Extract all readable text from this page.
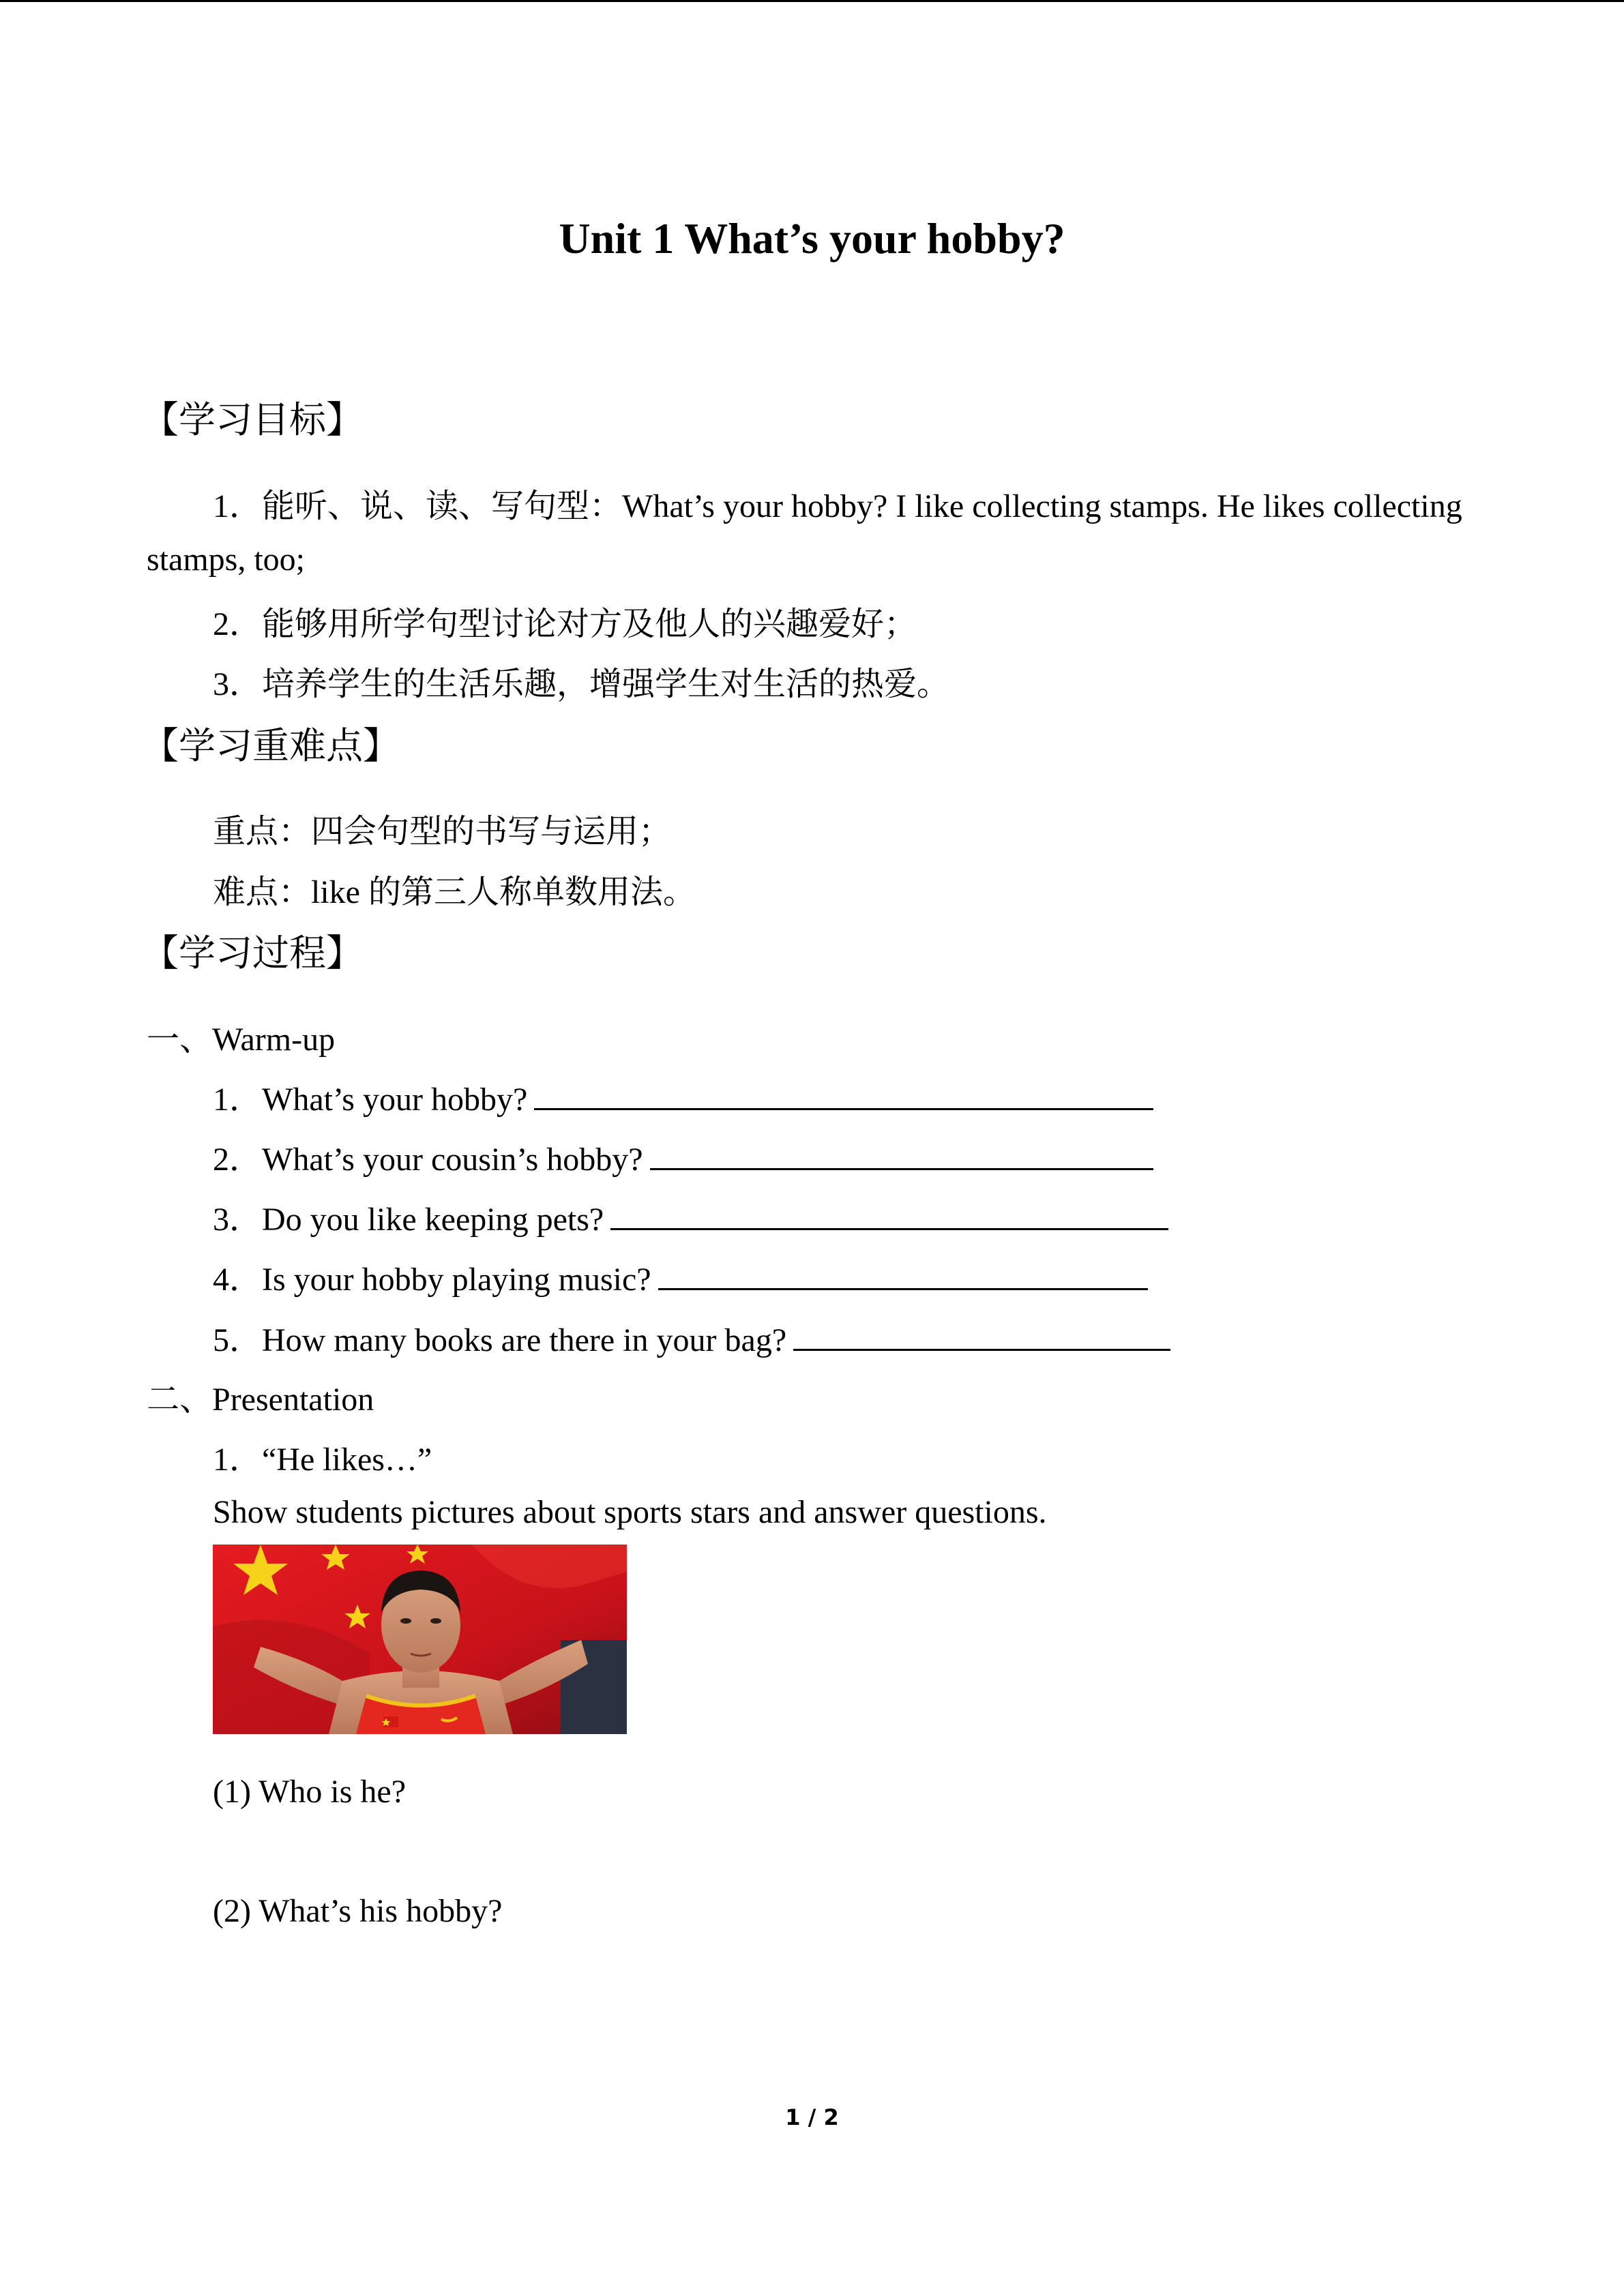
Unit 1 What’s your hobby?
【学习目标】
1．能听、说、读、写句型：What’s your hobby? I like collecting stamps. He likes collecting
stamps, too;
2．能够用所学句型讨论对方及他人的兴趣爱好；
3．培养学生的生活乐趣，增强学生对生活的热爱。
【学习重难点】
重点：四会句型的书写与运用；
难点：like 的第三人称单数用法。
【学习过程】
一、Warm-up
1．What’s your hobby?
2．What’s your cousin’s hobby?
3．Do you like keeping pets?
4．Is your hobby playing music?
5．How many books are there in your bag?
二、Presentation
1．“He likes…”
Show students pictures about sports stars and answer questions.
(1) Who is he?
(2) What’s his hobby?
1 / 2
